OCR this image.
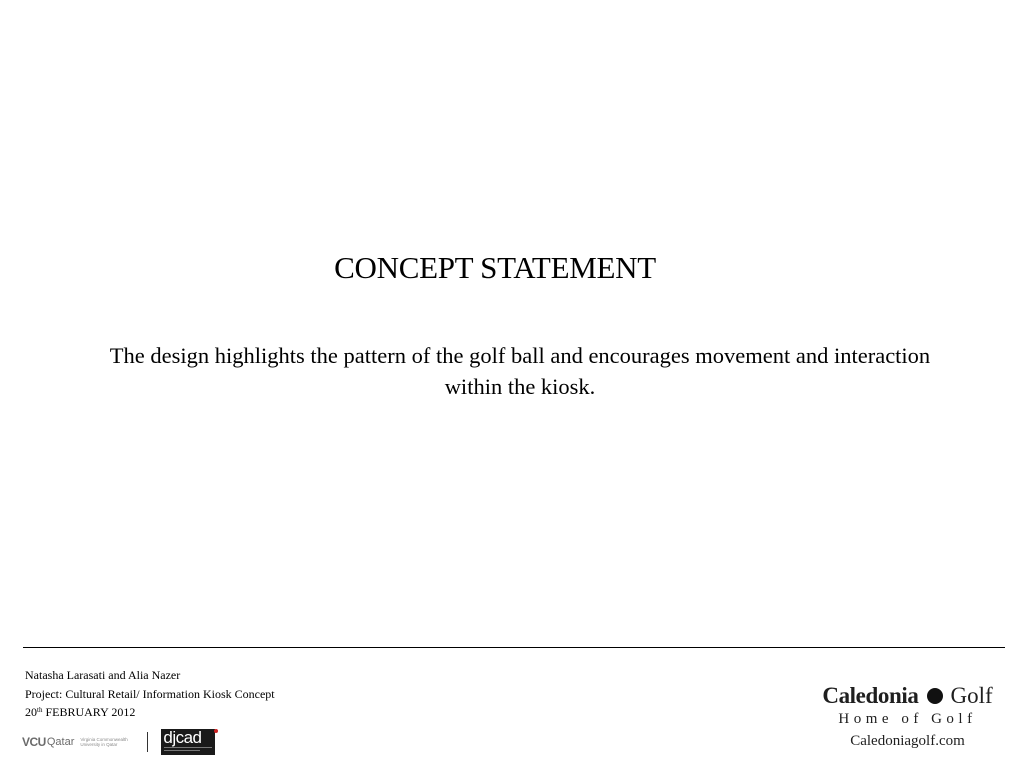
CONCEPT STATEMENT
The design highlights the pattern of the golf ball and encourages movement and interaction within the kiosk.
Natasha Larasati and Alia Nazer
Project: Cultural Retail/ Information Kiosk Concept
20th FEBRUARY 2012
VCU Qatar Virginia Commonwealth University in Qatar	djcad
Caledonia Golf
Home of Golf
Caledoniagolf.com
